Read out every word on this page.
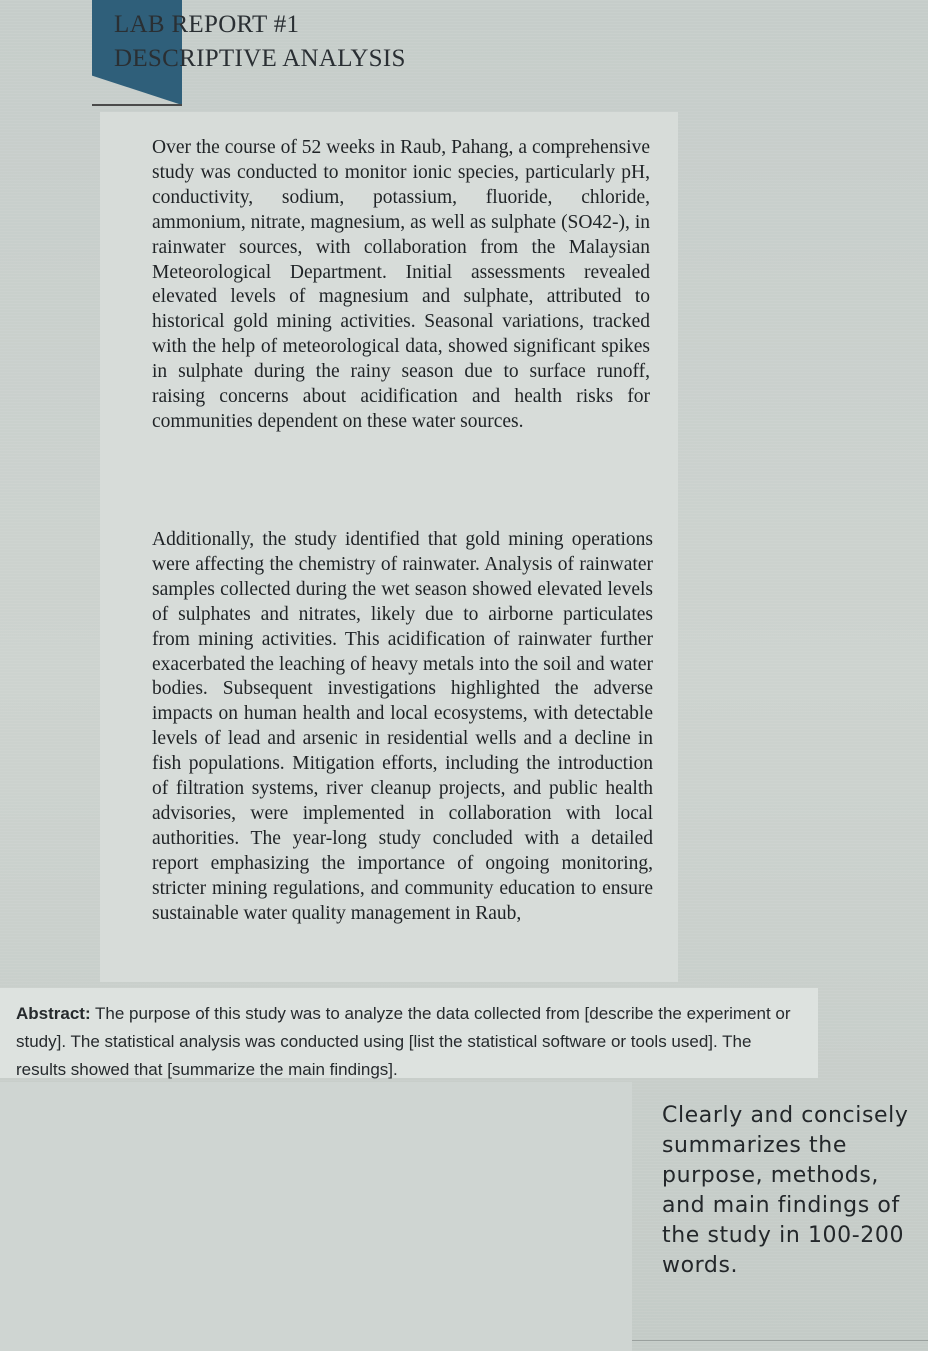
LAB REPORT #1
DESCRIPTIVE ANALYSIS

Over the course of 52 weeks in Raub, Pahang, a comprehensive study was conducted to monitor ionic species, particularly pH, conductivity, sodium, potassium, fluoride, chloride, ammonium, nitrate, magnesium, as well as sulphate (SO42-), in rainwater sources, with collaboration from the Malaysian Meteorological Department. Initial assessments revealed elevated levels of magnesium and sulphate, attributed to historical gold mining activities. Seasonal variations, tracked with the help of meteorological data, showed significant spikes in sulphate during the rainy season due to surface runoff, raising concerns about acidification and health risks for communities dependent on these water sources.

Additionally, the study identified that gold mining operations were affecting the chemistry of rainwater. Analysis of rainwater samples collected during the wet season showed elevated levels of sulphates and nitrates, likely due to airborne particulates from mining activities. This acidification of rainwater further exacerbated the leaching of heavy metals into the soil and water bodies. Subsequent investigations highlighted the adverse impacts on human health and local ecosystems, with detectable levels of lead and arsenic in residential wells and a decline in fish populations. Mitigation efforts, including the introduction of filtration systems, river cleanup projects, and public health advisories, were implemented in collaboration with local authorities. The year-long study concluded with a detailed report emphasizing the importance of ongoing monitoring, stricter mining regulations, and community education to ensure sustainable water quality management in Raub,

Abstract: The purpose of this study was to analyze the data collected from [describe the experiment or study]. The statistical analysis was conducted using [list the statistical software or tools used]. The results showed that [summarize the main findings].

Clearly and concisely summarizes the purpose, methods, and main findings of the study in 100-200 words.
